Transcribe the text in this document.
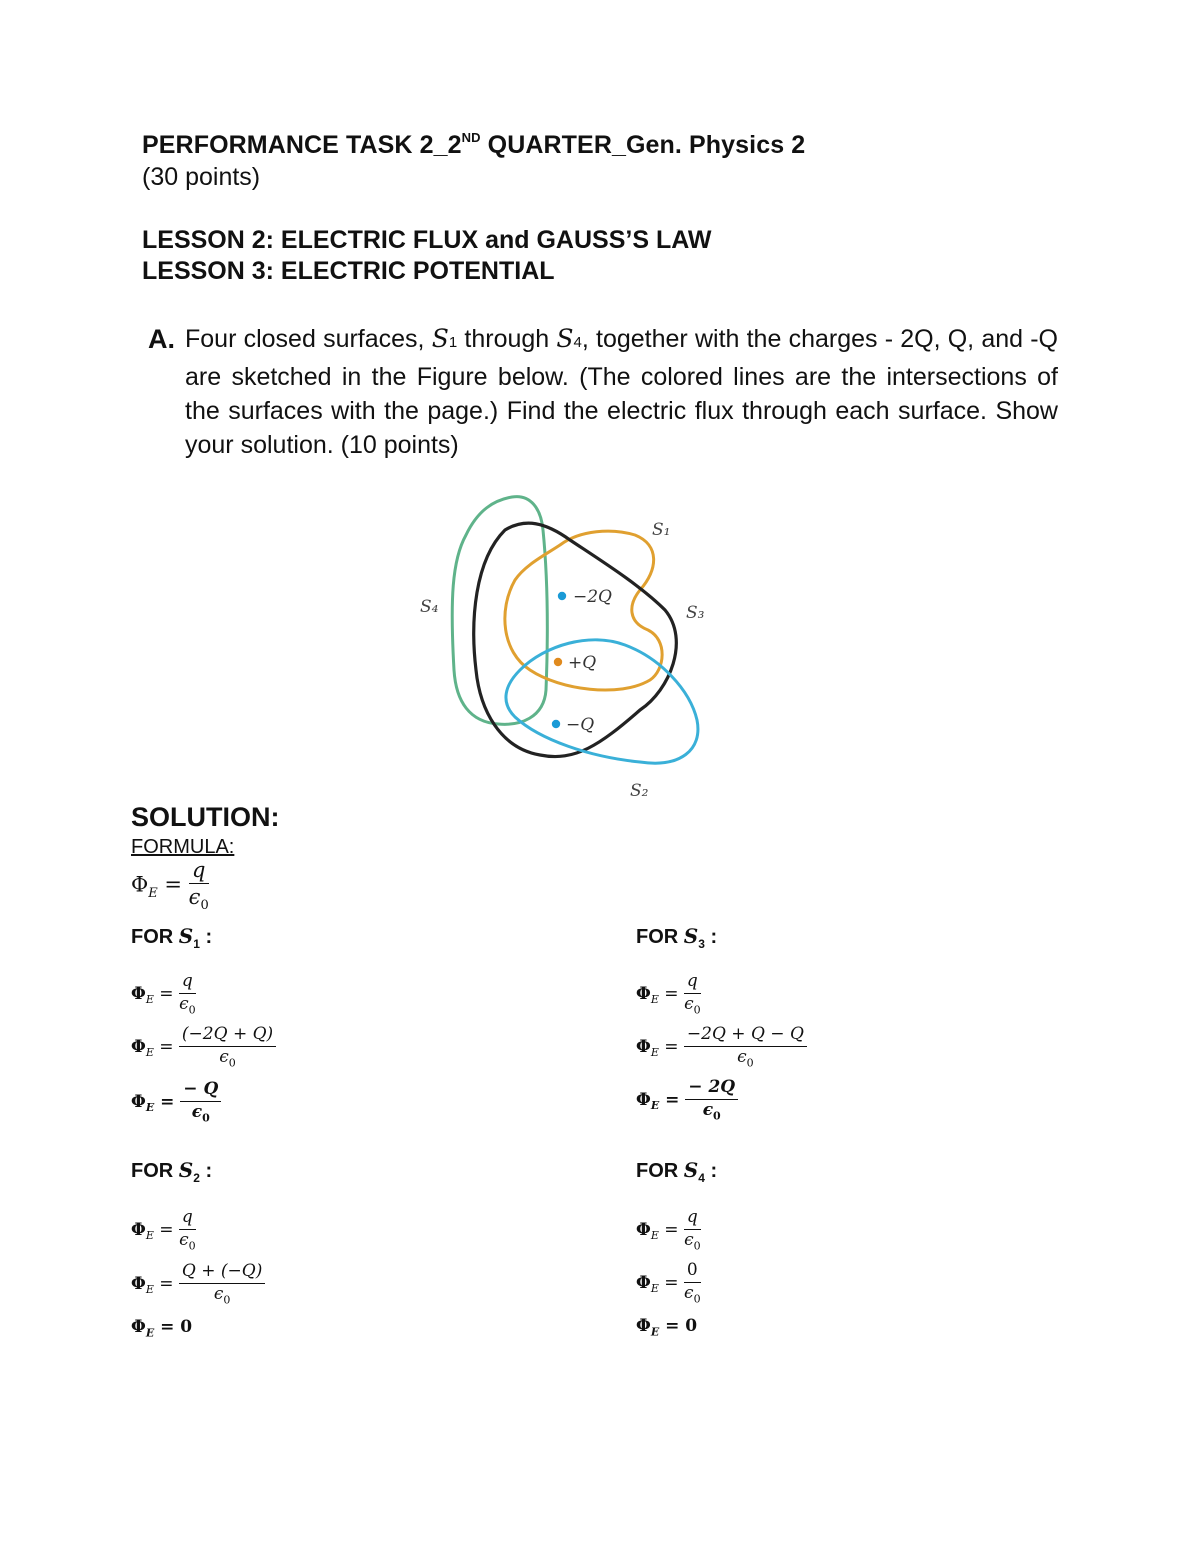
PERFORMANCE TASK 2_2ND QUARTER_Gen. Physics 2
(30 points)
LESSON 2: ELECTRIC FLUX and GAUSS’S LAW
LESSON 3: ELECTRIC POTENTIAL
A. Four closed surfaces, S1 through S4, together with the charges - 2Q, Q, and -Q are sketched in the Figure below. (The colored lines are the intersections of the surfaces with the page.) Find the electric flux through each surface. Show your solution. (10 points)
S₁
S₃
S₄
S₂
−2Q
+Q
−Q
SOLUTION:
FORMULA:
$\Phi_E = \frac{q}{\epsilon_0}$
FOR $S_1$ :
$\Phi_E = \frac{q}{\epsilon_0}$
$\Phi_E = \frac{(-2Q + Q)}{\epsilon_0}$
$\Phi_E = \frac{- Q}{\epsilon_0}$
FOR $S_2$ :
$\Phi_E = \frac{q}{\epsilon_0}$
$\Phi_E = \frac{Q + (-Q)}{\epsilon_0}$
$\Phi_E = 0$
FOR $S_3$ :
$\Phi_E = \frac{q}{\epsilon_0}$
$\Phi_E = \frac{-2Q + Q - Q}{\epsilon_0}$
$\Phi_E = \frac{- 2Q}{\epsilon_0}$
FOR $S_4$ :
$\Phi_E = \frac{q}{\epsilon_0}$
$\Phi_E = \frac{0}{\epsilon_0}$
$\Phi_E = 0$
